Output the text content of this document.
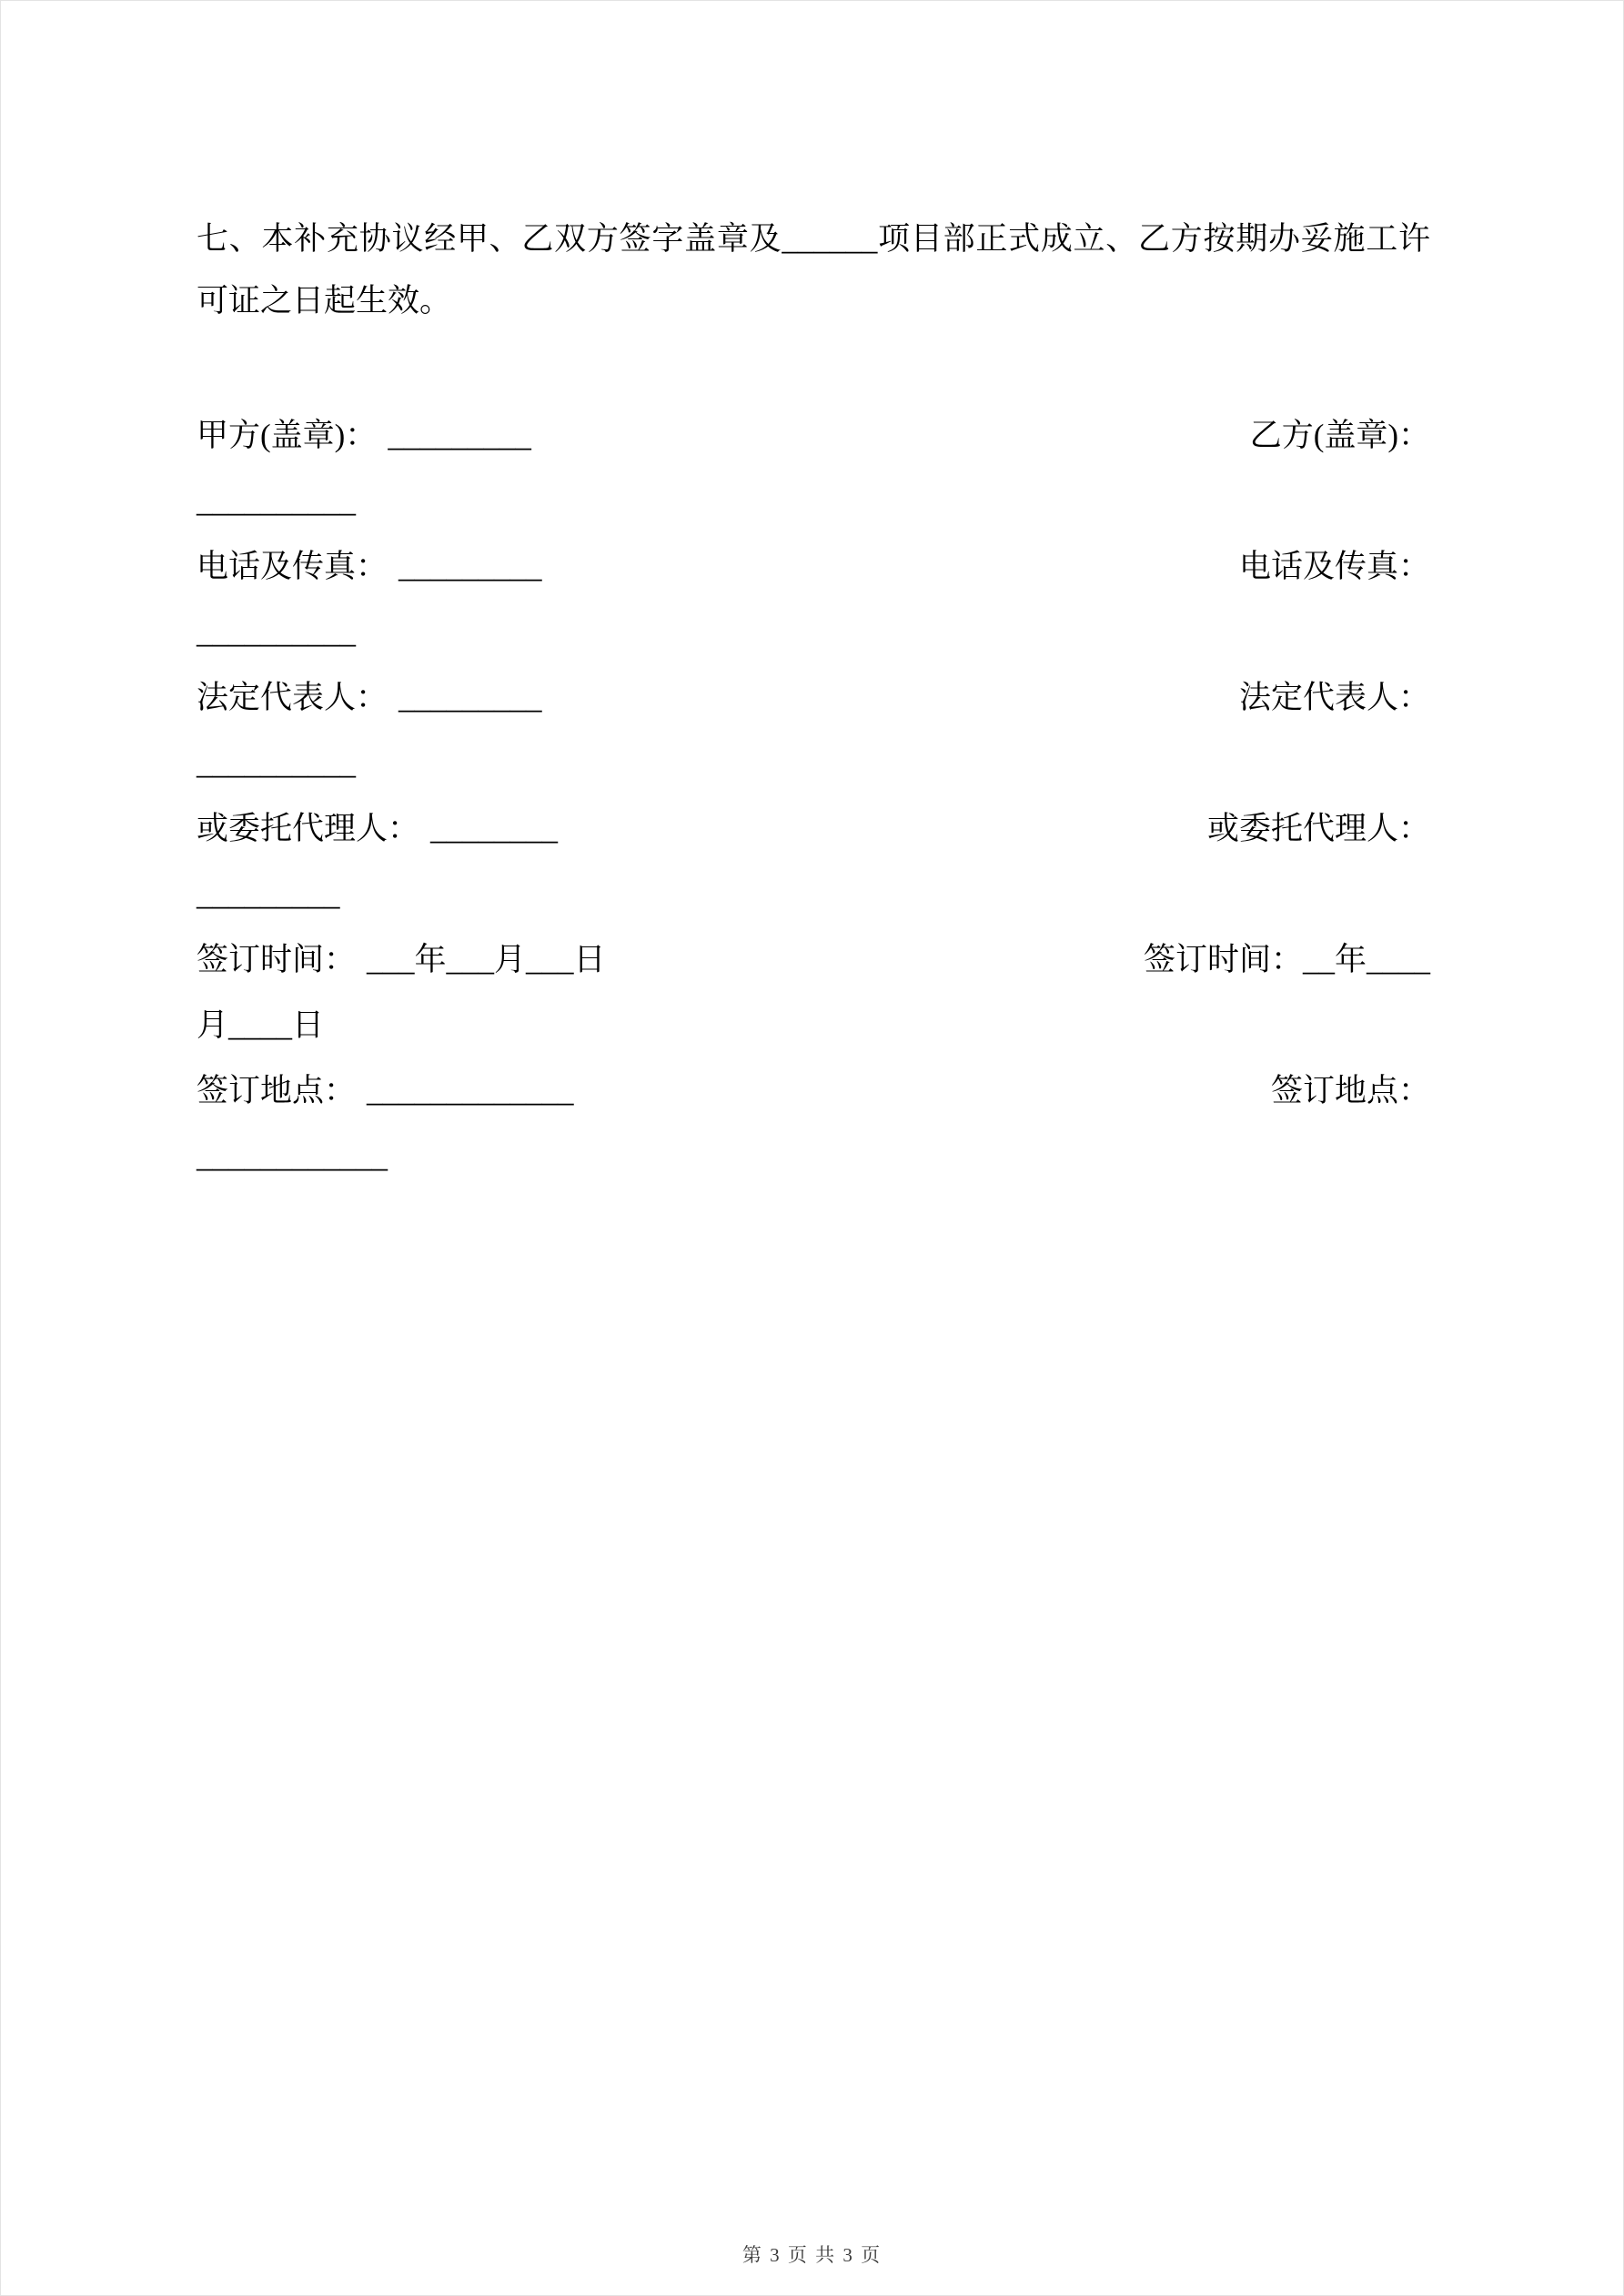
七、本补充协议经甲、乙双方签字盖章及______项目部正式成立、乙方按期办妥施工许可证之日起生效。

甲方(盖章)： _________	乙方(盖章)：
__________
电话及传真： _________	电话及传真：
__________
法定代表人： _________	法定代表人：
__________
或委托代理人： ________	或委托代理人：
_________
签订时间： ___年___月___日	签订时间：__年____
月____日
签订地点： _____________	签订地点：
____________
第 3 页 共 3 页
